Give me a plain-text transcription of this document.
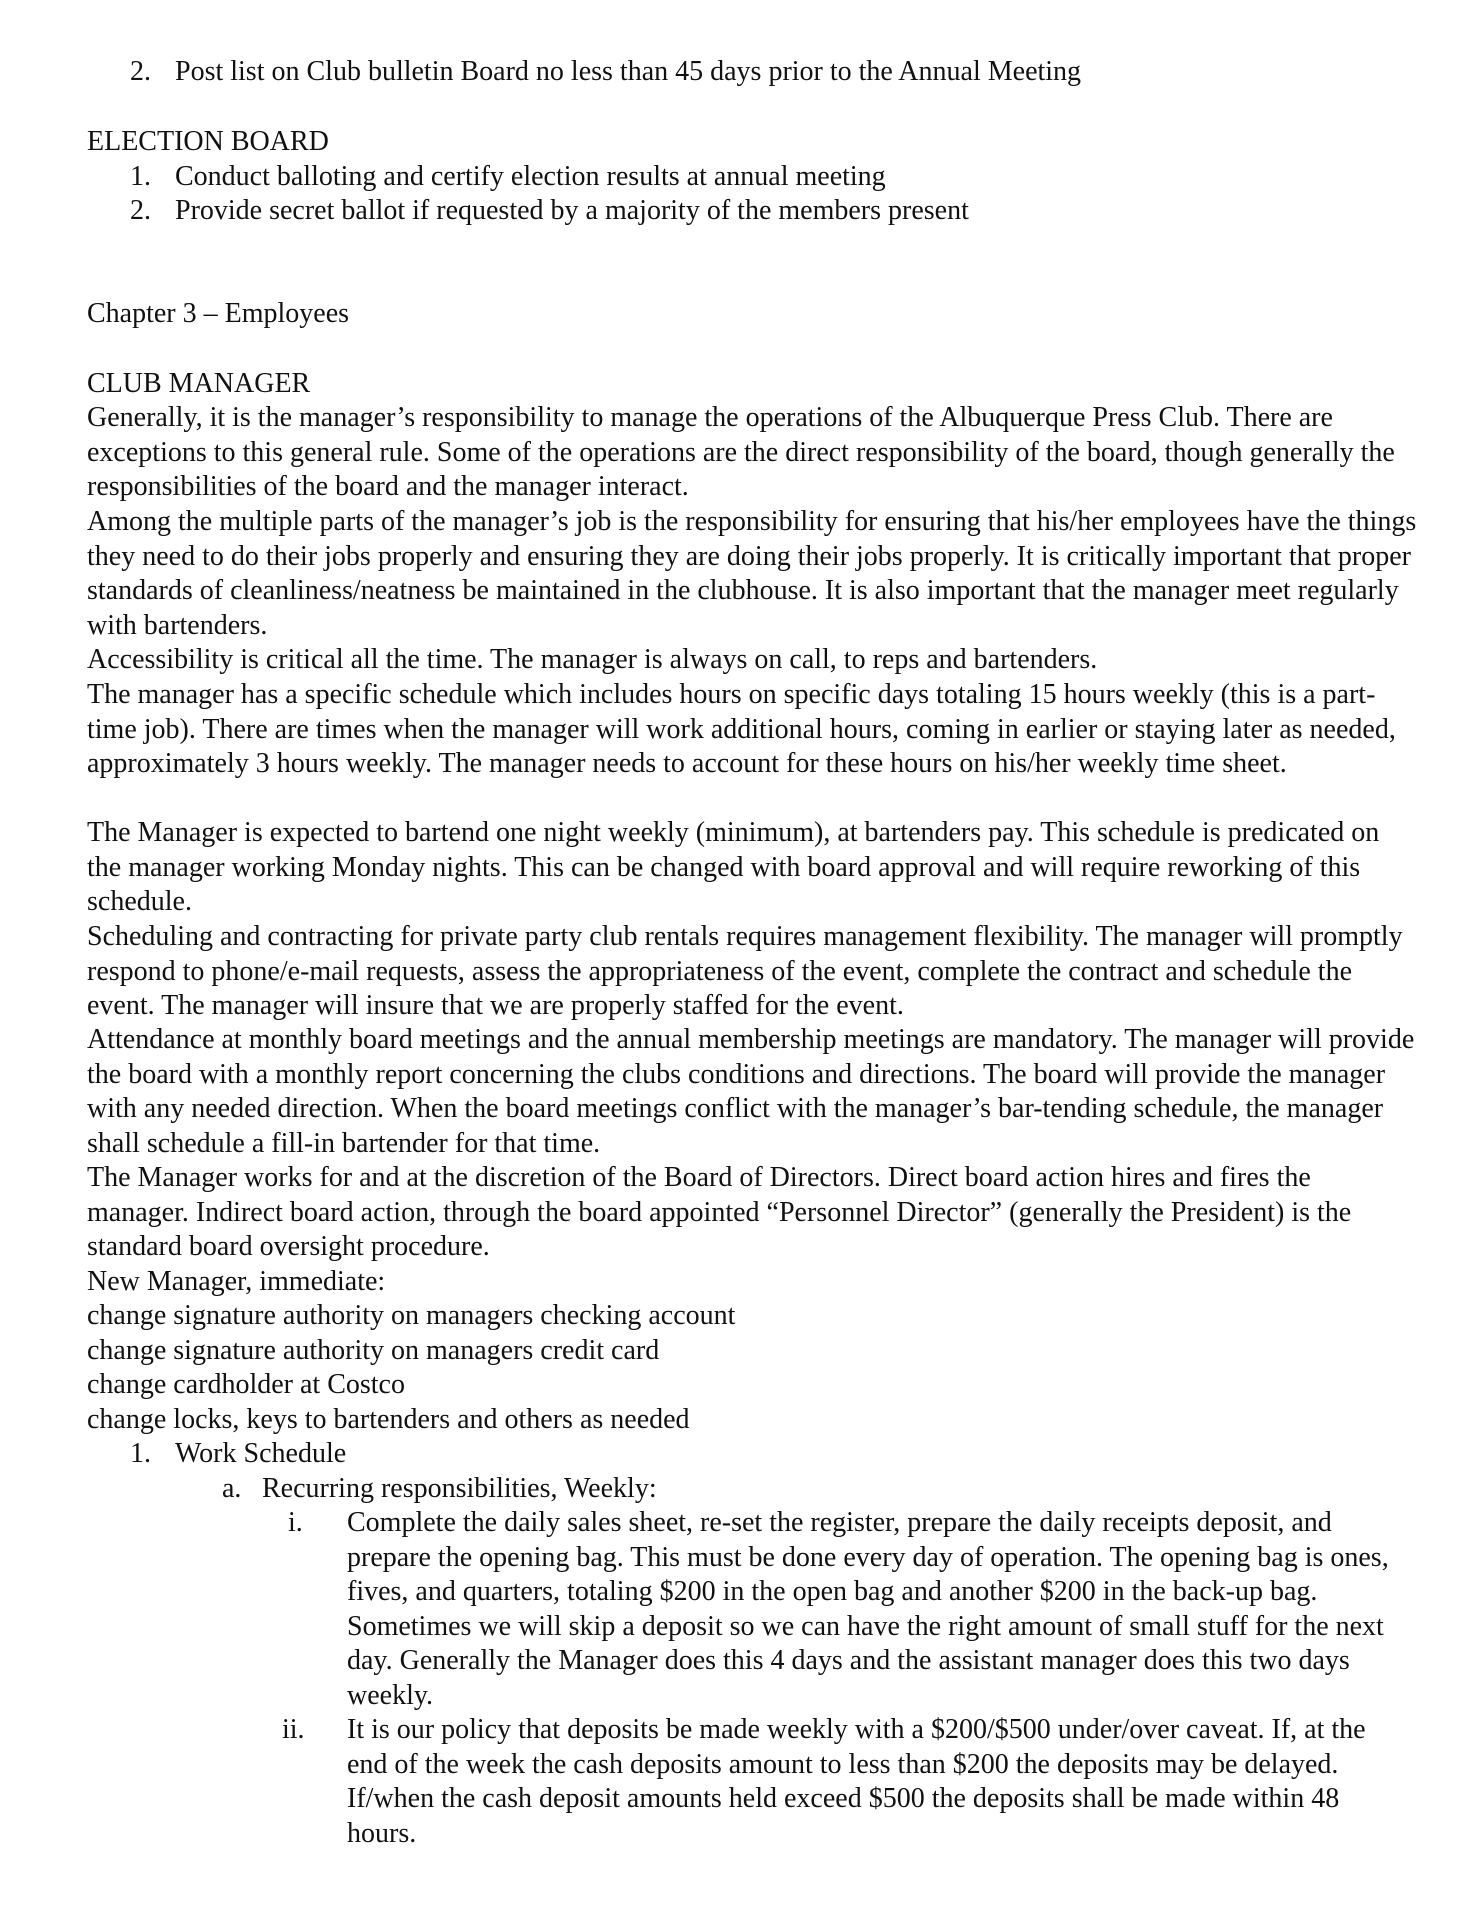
2. Post list on Club bulletin Board no less than 45 days prior to the Annual Meeting
ELECTION BOARD
1. Conduct balloting and certify election results at annual meeting
2. Provide secret ballot if requested by a majority of the members present
Chapter 3 – Employees
CLUB MANAGER
Generally, it is the manager’s responsibility to manage the operations of the Albuquerque Press Club. There are exceptions to this general rule. Some of the operations are the direct responsibility of the board, though generally the responsibilities of the board and the manager interact.
Among the multiple parts of the manager’s job is the responsibility for ensuring that his/her employees have the things they need to do their jobs properly and ensuring they are doing their jobs properly. It is critically important that proper standards of cleanliness/neatness be maintained in the clubhouse. It is also important that the manager meet regularly with bartenders.
Accessibility is critical all the time. The manager is always on call, to reps and bartenders.
The manager has a specific schedule which includes hours on specific days totaling 15 hours weekly (this is a part-time job). There are times when the manager will work additional hours, coming in earlier or staying later as needed, approximately 3 hours weekly. The manager needs to account for these hours on his/her weekly time sheet.
The Manager is expected to bartend one night weekly (minimum), at bartenders pay. This schedule is predicated on the manager working Monday nights. This can be changed with board approval and will require reworking of this schedule.
Scheduling and contracting for private party club rentals requires management flexibility. The manager will promptly respond to phone/e-mail requests, assess the appropriateness of the event, complete the contract and schedule the event. The manager will insure that we are properly staffed for the event.
Attendance at monthly board meetings and the annual membership meetings are mandatory. The manager will provide the board with a monthly report concerning the clubs conditions and directions. The board will provide the manager with any needed direction. When the board meetings conflict with the manager’s bar-tending schedule, the manager shall schedule a fill-in bartender for that time.
The Manager works for and at the discretion of the Board of Directors. Direct board action hires and fires the manager. Indirect board action, through the board appointed “Personnel Director” (generally the President) is the standard board oversight procedure.
New Manager, immediate:
change signature authority on managers checking account
change signature authority on managers credit card
change cardholder at Costco
change locks, keys to bartenders and others as needed
1. Work Schedule
a. Recurring responsibilities, Weekly:
i. Complete the daily sales sheet, re-set the register, prepare the daily receipts deposit, and prepare the opening bag. This must be done every day of operation. The opening bag is ones, fives, and quarters, totaling $200 in the open bag and another $200 in the back-up bag. Sometimes we will skip a deposit so we can have the right amount of small stuff for the next day. Generally the Manager does this 4 days and the assistant manager does this two days weekly.
ii. It is our policy that deposits be made weekly with a $200/$500 under/over caveat. If, at the end of the week the cash deposits amount to less than $200 the deposits may be delayed. If/when the cash deposit amounts held exceed $500 the deposits shall be made within 48 hours.
